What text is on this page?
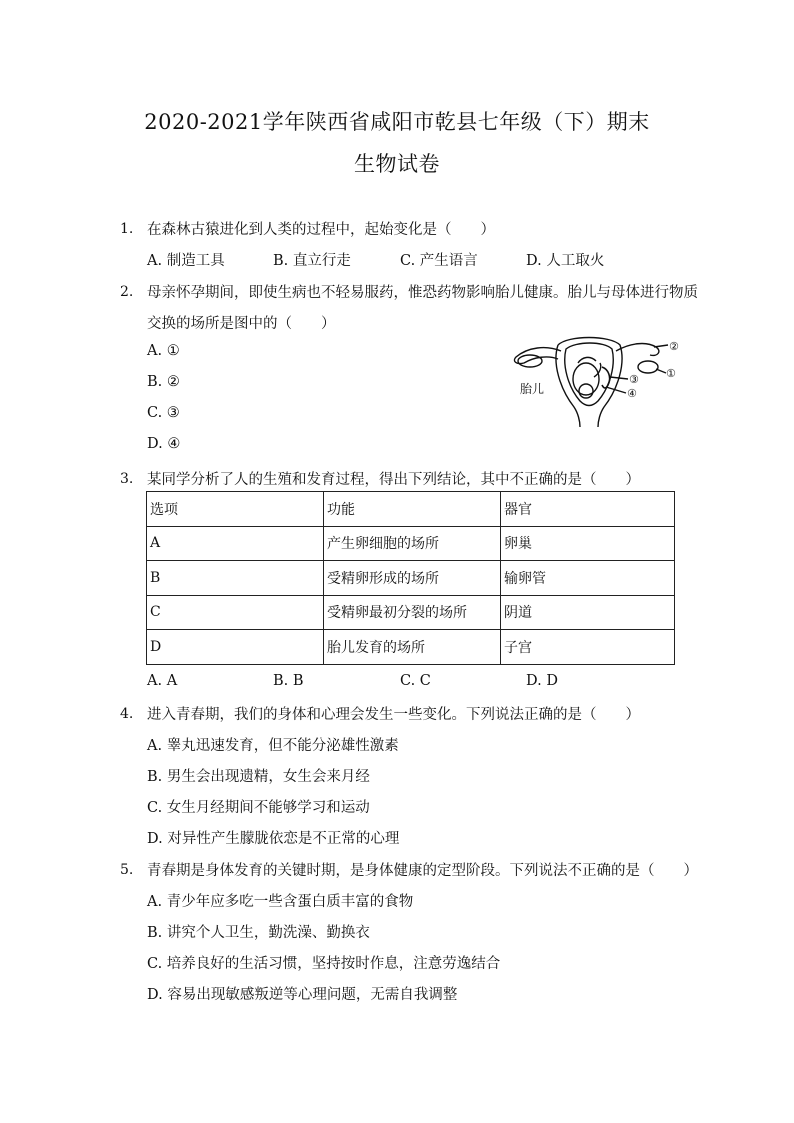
2020-2021学年陕西省咸阳市乾县七年级（下）期末
生物试卷
1. 在森林古猿进化到人类的过程中，起始变化是（　　）
A. 制造工具	B. 直立行走	C. 产生语言	D. 人工取火
2. 母亲怀孕期间，即使生病也不轻易服药，惟恐药物影响胎儿健康。胎儿与母体进行物质
交换的场所是图中的（　　）
A. ①
B. ②
C. ③
D. ④
②
①
③
④
胎儿
3. 某同学分析了人的生殖和发育过程，得出下列结论，其中不正确的是（　　）
选项	功能	器官
A	产生卵细胞的场所	卵巢
B	受精卵形成的场所	输卵管
C	受精卵最初分裂的场所	阴道
D	胎儿发育的场所	子宫
A. A	B. B	C. C	D. D
4. 进入青春期，我们的身体和心理会发生一些变化。下列说法正确的是（　　）
A. 睾丸迅速发育，但不能分泌雄性激素
B. 男生会出现遗精，女生会来月经
C. 女生月经期间不能够学习和运动
D. 对异性产生朦胧依恋是不正常的心理
5. 青春期是身体发育的关键时期，是身体健康的定型阶段。下列说法不正确的是（　　）
A. 青少年应多吃一些含蛋白质丰富的食物
B. 讲究个人卫生，勤洗澡、勤换衣
C. 培养良好的生活习惯，坚持按时作息，注意劳逸结合
D. 容易出现敏感叛逆等心理问题，无需自我调整
